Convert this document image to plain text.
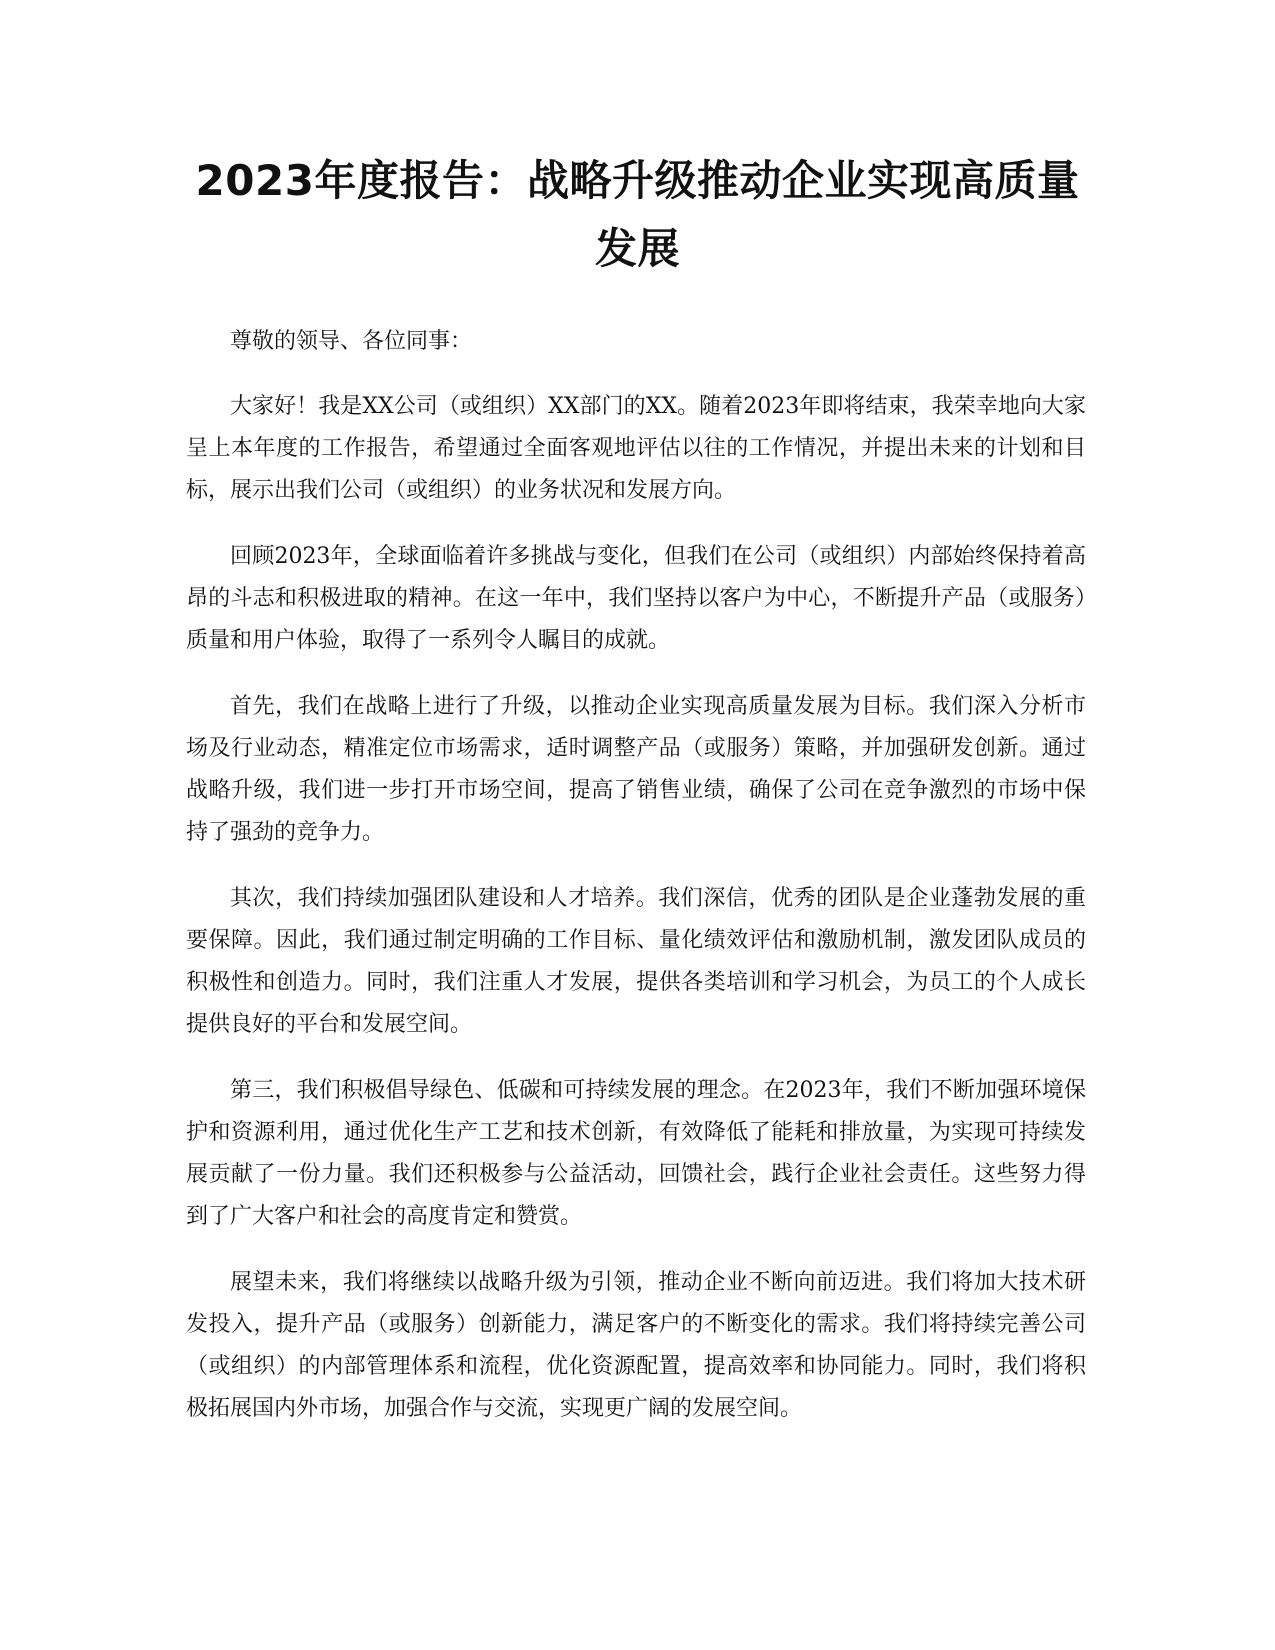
2023年度报告：战略升级推动企业实现高质量发展

尊敬的领导、各位同事：

大家好！我是XX公司（或组织）XX部门的XX。随着2023年即将结束，我荣幸地向大家呈上本年度的工作报告，希望通过全面客观地评估以往的工作情况，并提出未来的计划和目标，展示出我们公司（或组织）的业务状况和发展方向。

回顾2023年，全球面临着许多挑战与变化，但我们在公司（或组织）内部始终保持着高昂的斗志和积极进取的精神。在这一年中，我们坚持以客户为中心，不断提升产品（或服务）质量和用户体验，取得了一系列令人瞩目的成就。

首先，我们在战略上进行了升级，以推动企业实现高质量发展为目标。我们深入分析市场及行业动态，精准定位市场需求，适时调整产品（或服务）策略，并加强研发创新。通过战略升级，我们进一步打开市场空间，提高了销售业绩，确保了公司在竞争激烈的市场中保持了强劲的竞争力。

其次，我们持续加强团队建设和人才培养。我们深信，优秀的团队是企业蓬勃发展的重要保障。因此，我们通过制定明确的工作目标、量化绩效评估和激励机制，激发团队成员的积极性和创造力。同时，我们注重人才发展，提供各类培训和学习机会，为员工的个人成长提供良好的平台和发展空间。

第三，我们积极倡导绿色、低碳和可持续发展的理念。在2023年，我们不断加强环境保护和资源利用，通过优化生产工艺和技术创新，有效降低了能耗和排放量，为实现可持续发展贡献了一份力量。我们还积极参与公益活动，回馈社会，践行企业社会责任。这些努力得到了广大客户和社会的高度肯定和赞赏。

展望未来，我们将继续以战略升级为引领，推动企业不断向前迈进。我们将加大技术研发投入，提升产品（或服务）创新能力，满足客户的不断变化的需求。我们将持续完善公司（或组织）的内部管理体系和流程，优化资源配置，提高效率和协同能力。同时，我们将积极拓展国内外市场，加强合作与交流，实现更广阔的发展空间。
